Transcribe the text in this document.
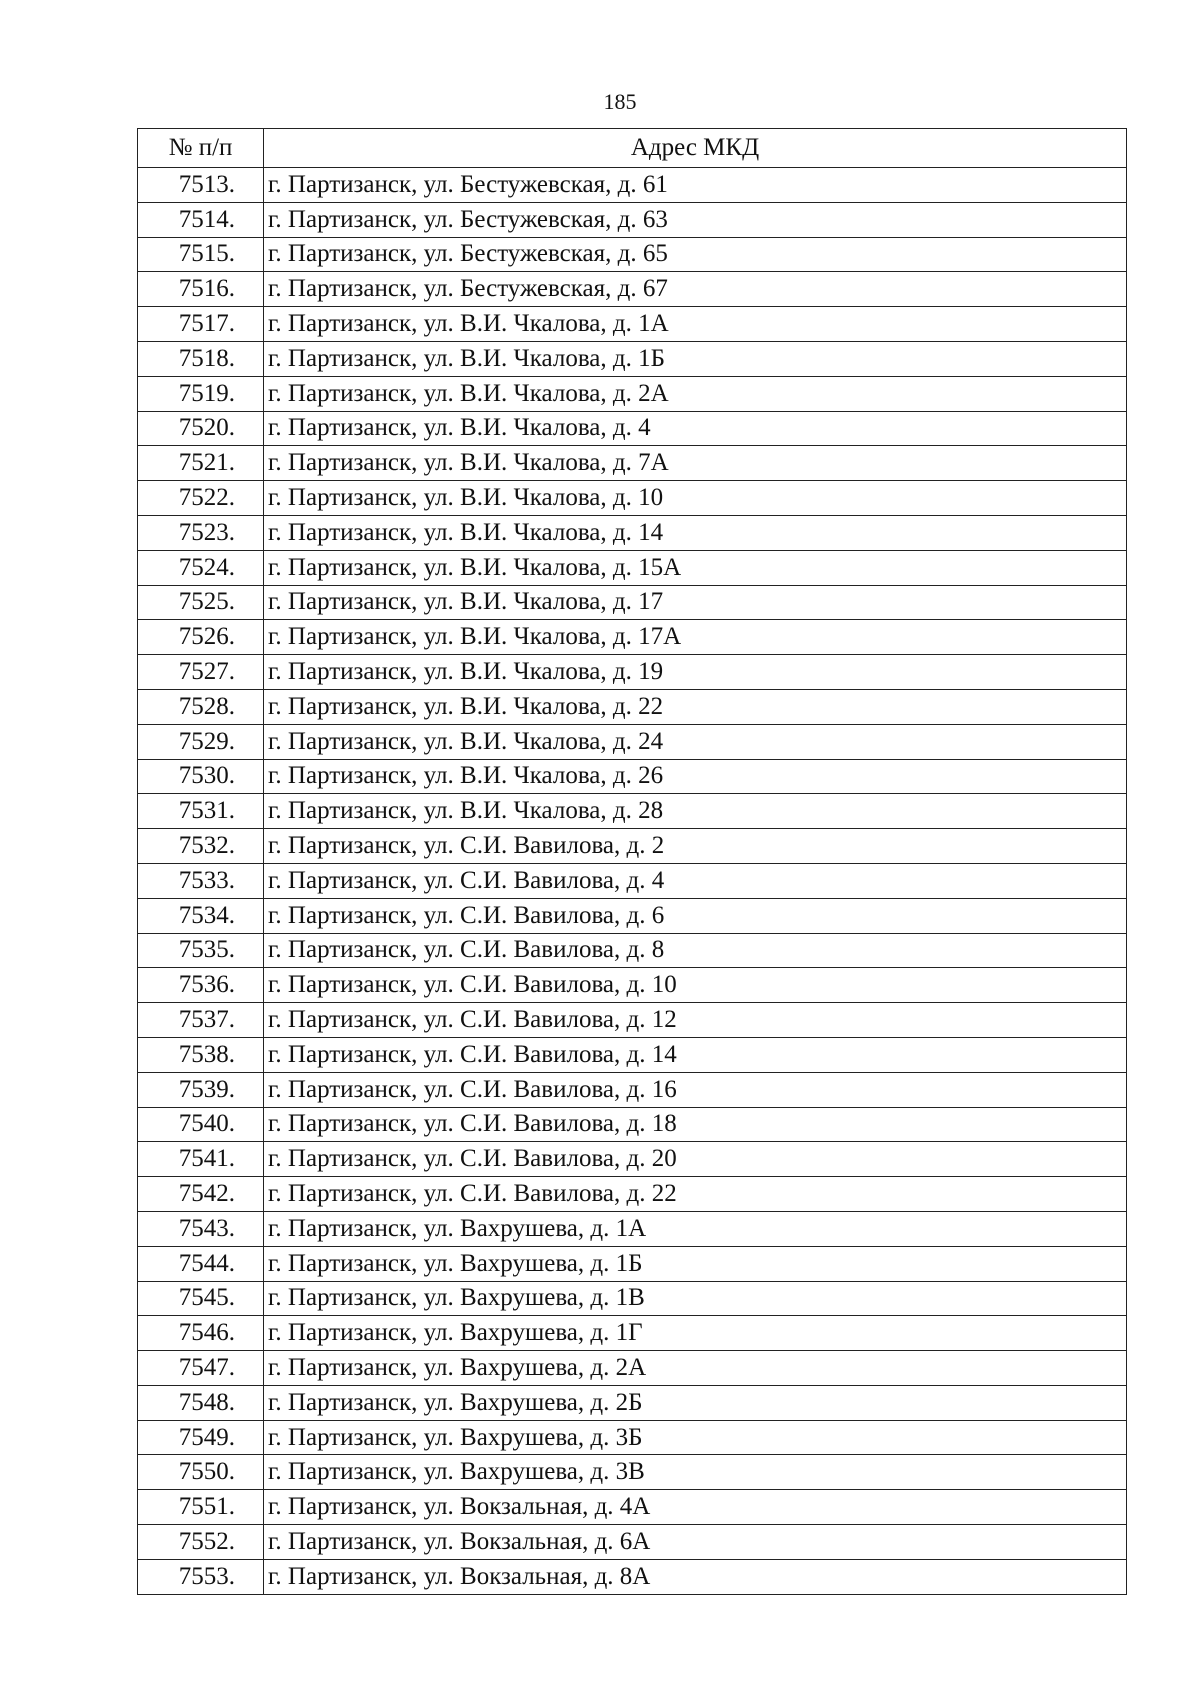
185
№ п/п	Адрес МКД
7513.	г. Партизанск, ул. Бестужевская, д. 61
7514.	г. Партизанск, ул. Бестужевская, д. 63
7515.	г. Партизанск, ул. Бестужевская, д. 65
7516.	г. Партизанск, ул. Бестужевская, д. 67
7517.	г. Партизанск, ул. В.И. Чкалова, д. 1А
7518.	г. Партизанск, ул. В.И. Чкалова, д. 1Б
7519.	г. Партизанск, ул. В.И. Чкалова, д. 2А
7520.	г. Партизанск, ул. В.И. Чкалова, д. 4
7521.	г. Партизанск, ул. В.И. Чкалова, д. 7А
7522.	г. Партизанск, ул. В.И. Чкалова, д. 10
7523.	г. Партизанск, ул. В.И. Чкалова, д. 14
7524.	г. Партизанск, ул. В.И. Чкалова, д. 15А
7525.	г. Партизанск, ул. В.И. Чкалова, д. 17
7526.	г. Партизанск, ул. В.И. Чкалова, д. 17А
7527.	г. Партизанск, ул. В.И. Чкалова, д. 19
7528.	г. Партизанск, ул. В.И. Чкалова, д. 22
7529.	г. Партизанск, ул. В.И. Чкалова, д. 24
7530.	г. Партизанск, ул. В.И. Чкалова, д. 26
7531.	г. Партизанск, ул. В.И. Чкалова, д. 28
7532.	г. Партизанск, ул. С.И. Вавилова, д. 2
7533.	г. Партизанск, ул. С.И. Вавилова, д. 4
7534.	г. Партизанск, ул. С.И. Вавилова, д. 6
7535.	г. Партизанск, ул. С.И. Вавилова, д. 8
7536.	г. Партизанск, ул. С.И. Вавилова, д. 10
7537.	г. Партизанск, ул. С.И. Вавилова, д. 12
7538.	г. Партизанск, ул. С.И. Вавилова, д. 14
7539.	г. Партизанск, ул. С.И. Вавилова, д. 16
7540.	г. Партизанск, ул. С.И. Вавилова, д. 18
7541.	г. Партизанск, ул. С.И. Вавилова, д. 20
7542.	г. Партизанск, ул. С.И. Вавилова, д. 22
7543.	г. Партизанск, ул. Вахрушева, д. 1А
7544.	г. Партизанск, ул. Вахрушева, д. 1Б
7545.	г. Партизанск, ул. Вахрушева, д. 1В
7546.	г. Партизанск, ул. Вахрушева, д. 1Г
7547.	г. Партизанск, ул. Вахрушева, д. 2А
7548.	г. Партизанск, ул. Вахрушева, д. 2Б
7549.	г. Партизанск, ул. Вахрушева, д. 3Б
7550.	г. Партизанск, ул. Вахрушева, д. 3В
7551.	г. Партизанск, ул. Вокзальная, д. 4А
7552.	г. Партизанск, ул. Вокзальная, д. 6А
7553.	г. Партизанск, ул. Вокзальная, д. 8А
